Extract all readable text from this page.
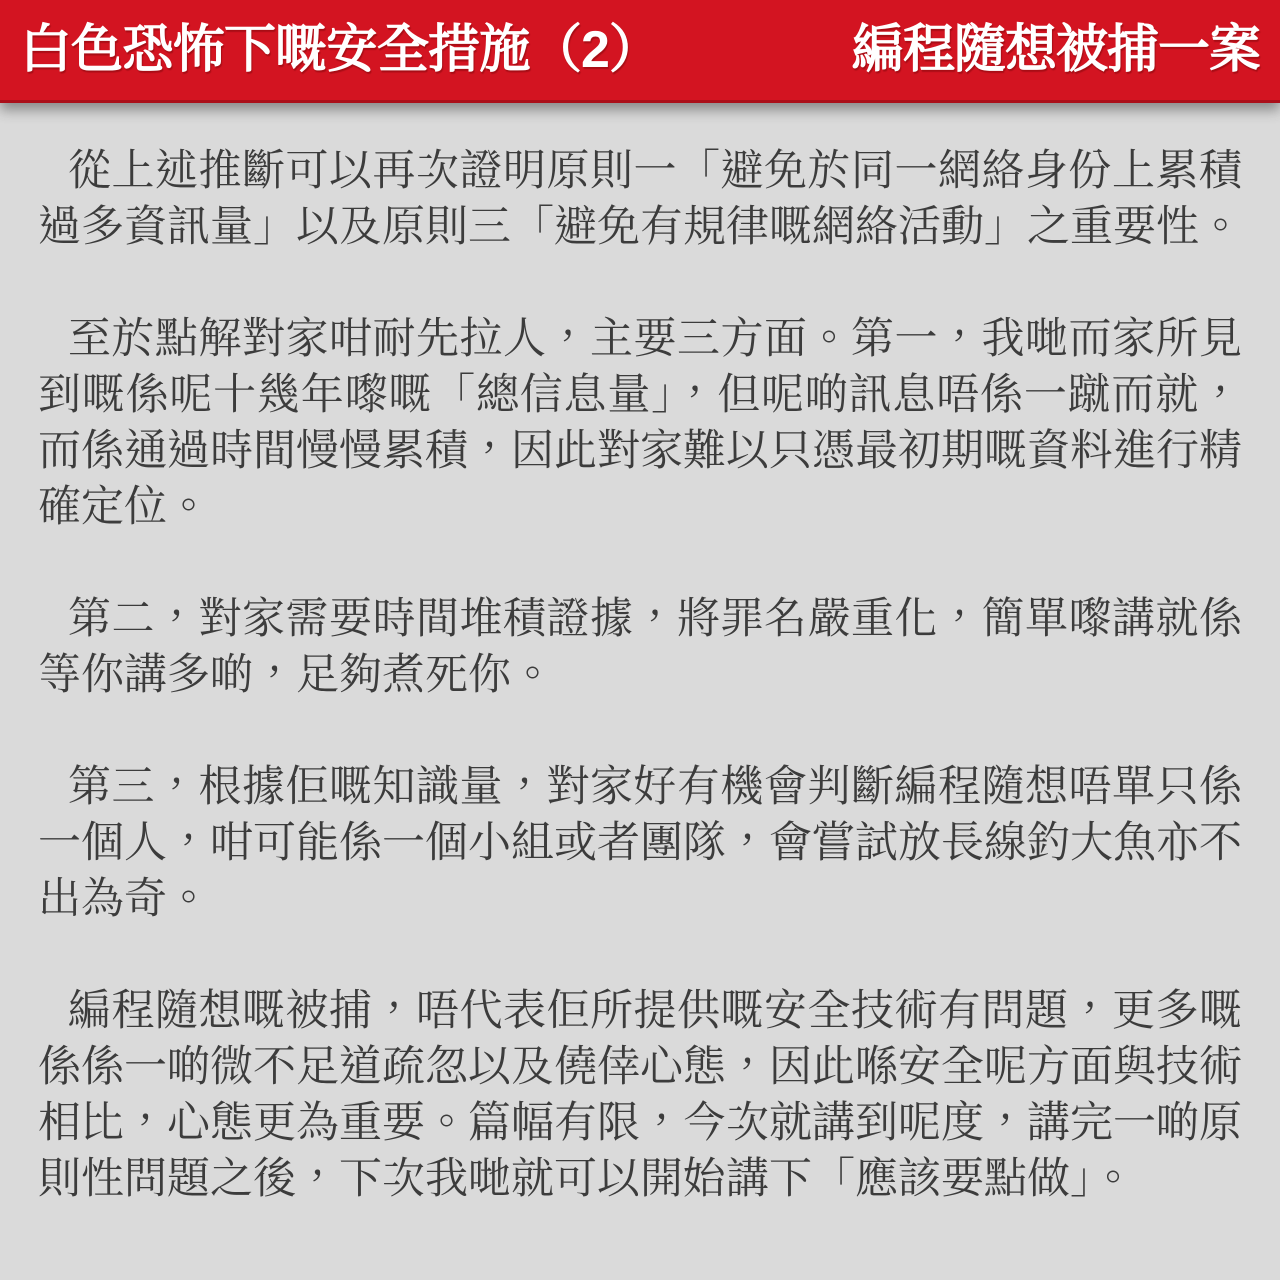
白色恐怖下嘅安全措施（2）	編程隨想被捕一案

從上述推斷可以再次證明原則一「避免於同一網絡身份上累積過多資訊量」以及原則三「避免有規律嘅網絡活動」之重要性。

至於點解對家咁耐先拉人，主要三方面。第一，我哋而家所見到嘅係呢十幾年嚟嘅「總信息量」，但呢啲訊息唔係一蹴而就，而係通過時間慢慢累積，因此對家難以只憑最初期嘅資料進行精確定位。

第二，對家需要時間堆積證據，將罪名嚴重化，簡單嚟講就係等你講多啲，足夠煮死你。

第三，根據佢嘅知識量，對家好有機會判斷編程隨想唔單只係一個人，咁可能係一個小組或者團隊，會嘗試放長線釣大魚亦不出為奇。

編程隨想嘅被捕，唔代表佢所提供嘅安全技術有問題，更多嘅係係一啲微不足道疏忽以及僥倖心態，因此喺安全呢方面與技術相比，心態更為重要。篇幅有限，今次就講到呢度，講完一啲原則性問題之後，下次我哋就可以開始講下「應該要點做」。
